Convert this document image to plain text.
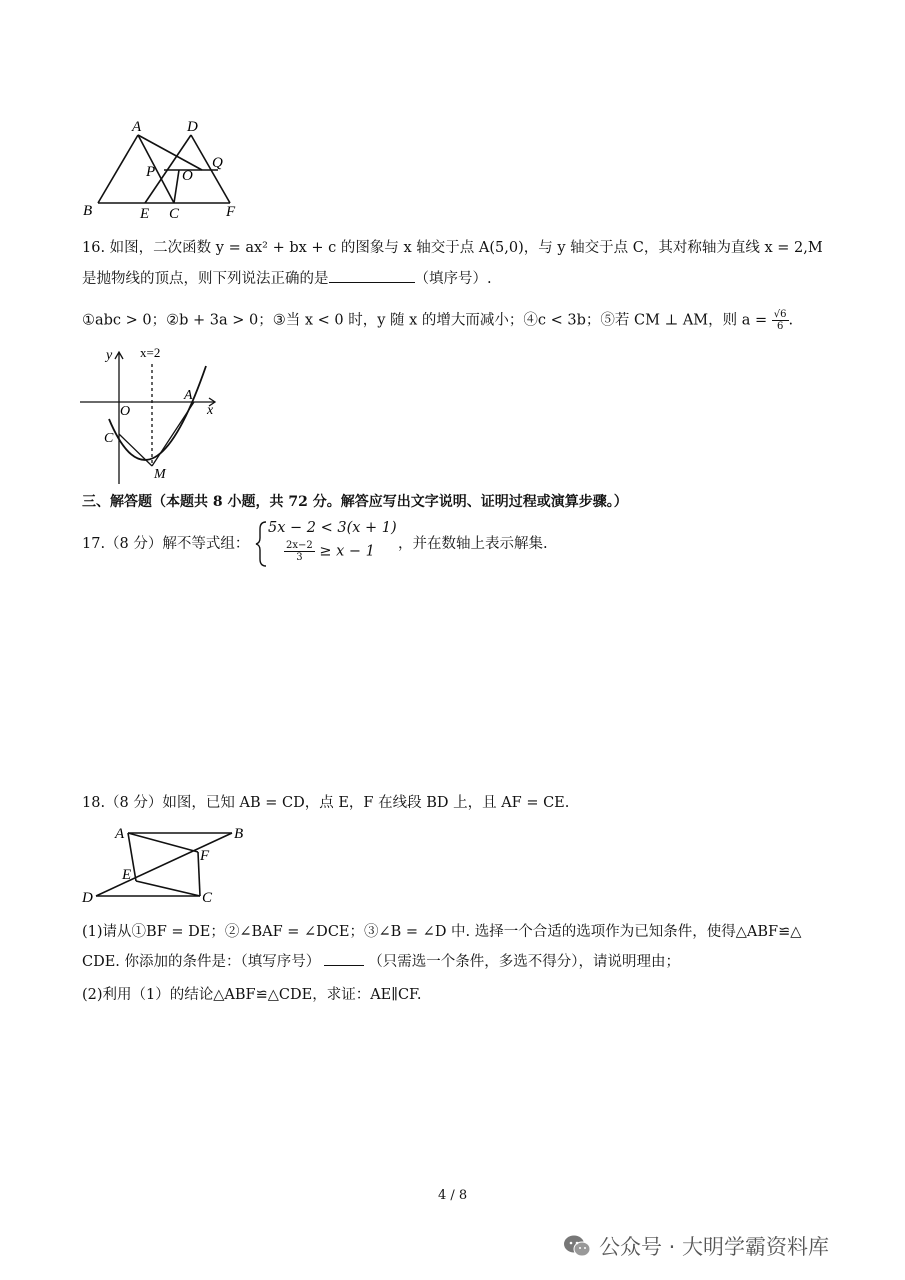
A	D
P O
Q
B	E C	F
16. 如图，二次函数 y = ax² + bx + c 的图象与 x 轴交于点 A(5,0)，与 y 轴交于点 C，其对称轴为直线 x = 2,M
是抛物线的顶点，则下列说法正确的是	（填序号）.
①abc > 0；②b + 3a > 0；③当 x < 0 时，y 随 x 的增大而减小；④c < 3b；⑤若 CM ⊥ AM，则 $a = \frac{√6}{6}$ .
y x=2
x
O
A
C
M
三、解答题（本题共 8 小题，共 72 分。解答应写出文字说明、证明过程或演算步骤。）
17.（8 分）解不等式组：
5x − 2 < 3(x + 1)
$\frac{2x-2}{3} \ge x - 1$ ，并在数轴上表示解集.
18.（8 分）如图，已知 AB = CD，点 E，F 在线段 BD 上，且 AF = CE.
A	B
F
E
D	C
(1)请从①BF = DE；②∠BAF = ∠DCE；③∠B = ∠D 中. 选择一个合适的选项作为已知条件，使得△ABF≌△
CDE. 你添加的条件是：（填写序号）	（只需选一个条件，多选不得分），请说明理由；
(2)利用（1）的结论△ABF≌△CDE，求证：AE∥CF.
4 / 8
公众号 · 大明学霸资料库
